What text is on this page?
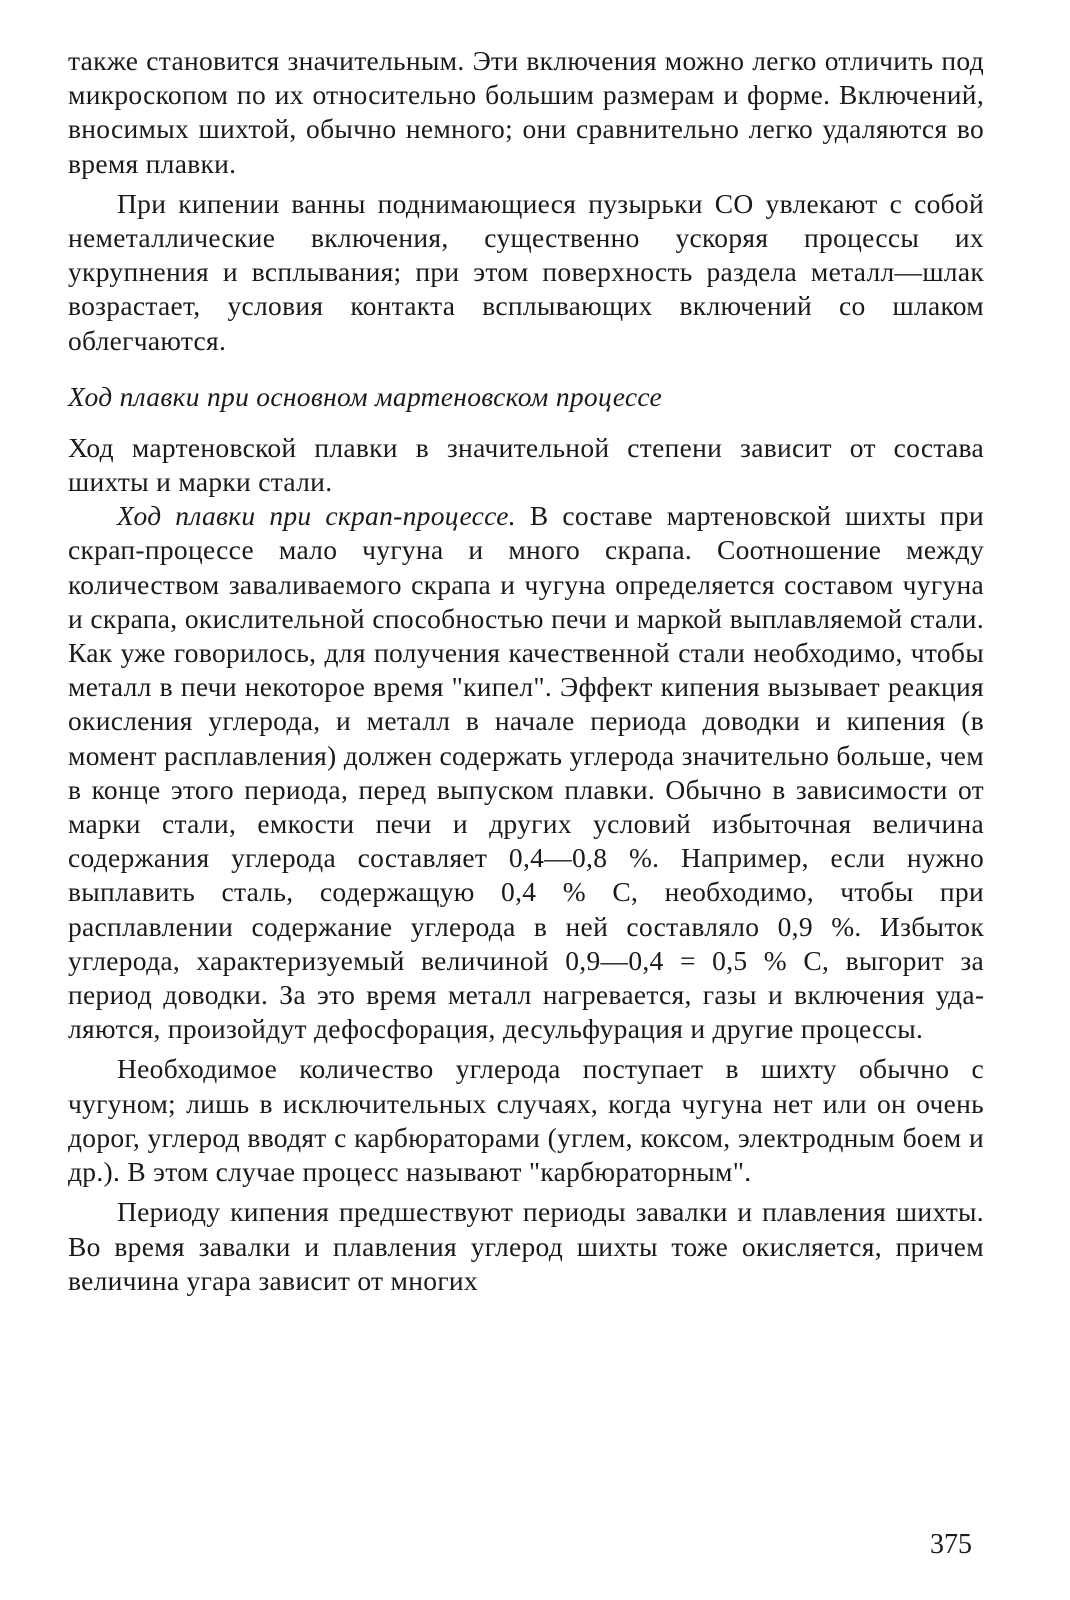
также становится значительным. Эти включения можно легко отличить под микроскопом по их относительно большим размерам и форме. Включений, вносимых шихтой, обычно немного; они сравнительно легко удаляются во время плавки.

При кипении ванны поднимающиеся пузырьки СО увлекают с собой неметаллические включения, существенно ускоряя процессы их укрупнения и всплывания; при этом поверхность раздела металл—шлак возрастает, условия контакта всплывающих включений со шлаком облегчаются.

Ход плавки при основном мартеновском процессе

Ход мартеновской плавки в значительной степени зависит от состава шихты и марки стали.

Ход плавки при скрап-процессе. В составе мартеновской шихты при скрап-процессе мало чугуна и много скрапа. Соотношение между количеством заваливаемого скрапа и чугуна определяется составом чугуна и скрапа, окислительной способностью печи и маркой выплавляемой стали. Как уже говорилось, для получения качественной стали необходимо, чтобы металл в печи некоторое время "кипел". Эффект кипения вызывает реакция окисления углерода, и металл в начале периода доводки и кипения (в момент расплавления) должен содержать углерода значительно больше, чем в конце этого периода, перед выпуском плавки. Обычно в зависимости от марки стали, емкости печи и других условий избыточная величина содержания углерода составляет 0,4—0,8 %. Например, если нужно выплавить сталь, содержащую 0,4 % С, необходимо, чтобы при расплавлении содержание углерода в ней составляло 0,9 %. Избыток углерода, характеризуемый величиной 0,9—0,4 = 0,5 % С, выгорит за период доводки. За это время металл нагревается, газы и включения удаляются, произойдут дефосфорация, десульфурация и другие процессы.

Необходимое количество углерода поступает в шихту обычно с чугуном; лишь в исключительных случаях, когда чугуна нет или он очень дорог, углерод вводят с карбюраторами (углем, коксом, электродным боем и др.). В этом случае процесс называют "карбюраторным".

Периоду кипения предшествуют периоды завалки и плавления шихты. Во время завалки и плавления углерод шихты тоже окисляется, причем величина угара зависит от многих

375
